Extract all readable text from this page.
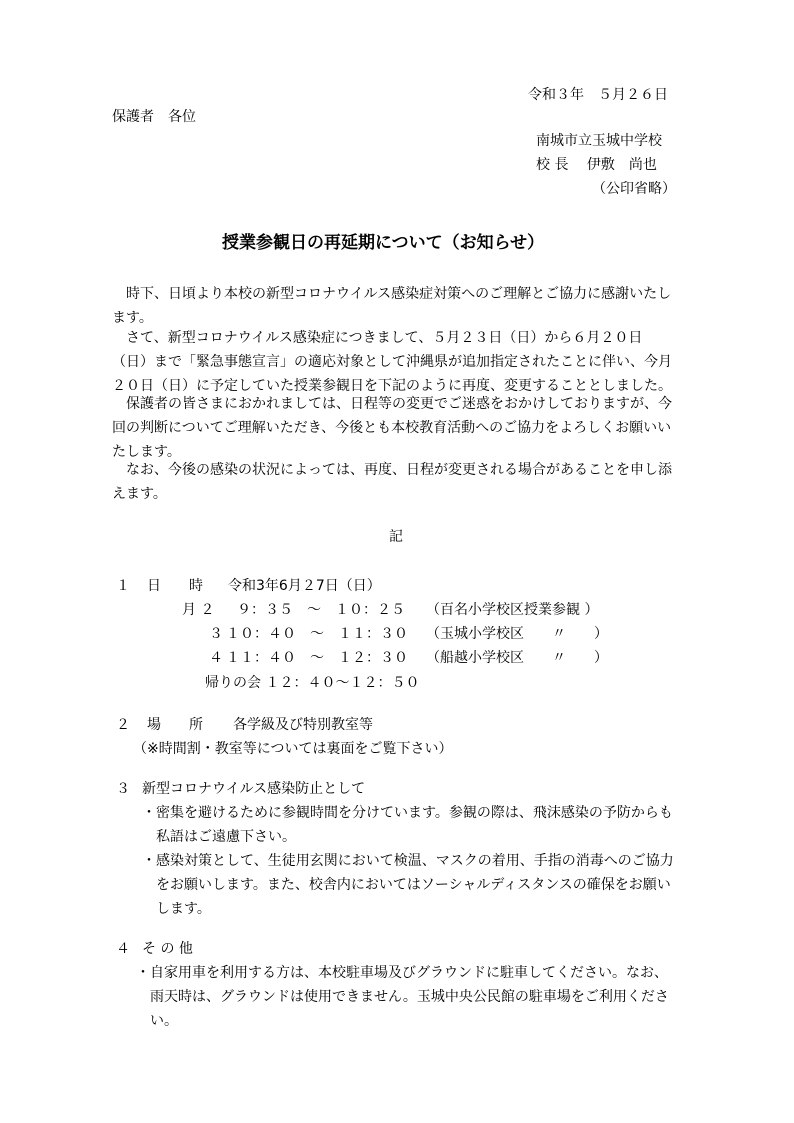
令和３年　５月２６日
保護者　各位
南城市立玉城中学校
校 長　 伊敷　尚也
（公印省略）
授業参観日の再延期について（お知らせ）
　時下、日頃より本校の新型コロナウイルス感染症対策へのご理解とご協力に感謝いたし
ます。
　さて、新型コロナウイルス感染症につきまして、５月２３日（日）から６月２０日
（日）まで「緊急事態宣言」の適応対象として沖縄県が追加指定されたことに伴い、今月
２０日（日）に予定していた授業参観日を下記のように再度、変更することとしました。
　保護者の皆さまにおかれましては、日程等の変更でご迷惑をおかけしておりますが、今
回の判断についてご理解いただき、今後とも本校教育活動へのご協力をよろしくお願いい
たします。
　なお、今後の感染の状況によっては、再度、日程が変更される場合があることを申し添
えます。
記
１ 日　　時 令和3年6月２7日（日）
月 ２ ９：３５　～　１０：２５ （百名小学校区授業参観 ）
３ １０：４０　～　１１：３０ （玉城小学校区　　〃　　）
４ １１：４０　～　１２：３０ （船越小学校区　　〃　　）
帰りの会 １２：４０～１２：５０
２ 場　　所 各学級及び特別教室等
（※時間割・教室等については裏面をご覧下さい）
３ 新型コロナウイルス感染防止として
・密集を避けるために参観時間を分けています。参観の際は、飛沫感染の予防からも
　私語はご遠慮下さい。
・感染対策として、生徒用玄関において検温、マスクの着用、手指の消毒へのご協力
　をお願いします。また、校舎内においてはソーシャルディスタンスの確保をお願い
　します。
４ そ の 他
・自家用車を利用する方は、本校駐車場及びグラウンドに駐車してください。なお、
　雨天時は、グラウンドは使用できません。玉城中央公民館の駐車場をご利用くださ
　い。
